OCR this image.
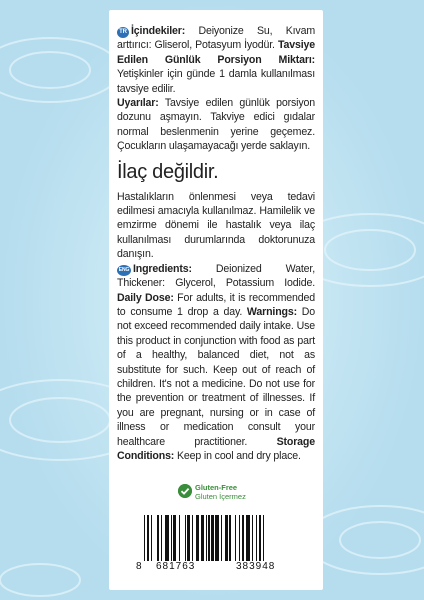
TR İçindekiler: Deiyonize Su, Kıvam arttırıcı: Gliserol, Potasyum İyodür. Tavsiye Edilen Günlük Porsiyon Miktarı: Yetişkinler için günde 1 damla kullanılması tavsiye edilir.

Uyarılar: Tavsiye edilen günlük porsiyon dozunu aşmayın. Takviye edici gıdalar normal beslenmenin yerine geçemez. Çocukların ulaşamayacağı yerde saklayın.

İlaç değildir.

Hastalıkların önlenmesi veya tedavi edilmesi amacıyla kullanılmaz. Hamilelik ve emzirme dönemi ile hastalık veya ilaç kullanılması durumlarında doktorunuza danışın.

ENG Ingredients: Deionized Water, Thickener: Glycerol, Potassium Iodide. Daily Dose: For adults, it is recommended to consume 1 drop a day. Warnings: Do not exceed recommended daily intake. Use this product in conjunction with food as part of a healthy, balanced diet, not as substitute for such. Keep out of reach of children. It's not a medicine. Do not use for the prevention or treatment of illnesses. If you are pregnant, nursing or in case of illness or medication consult your healthcare practitioner.	Storage Conditions: Keep in cool and dry place.

Gluten-Free
Gluten İçermez
8 681763	383948
